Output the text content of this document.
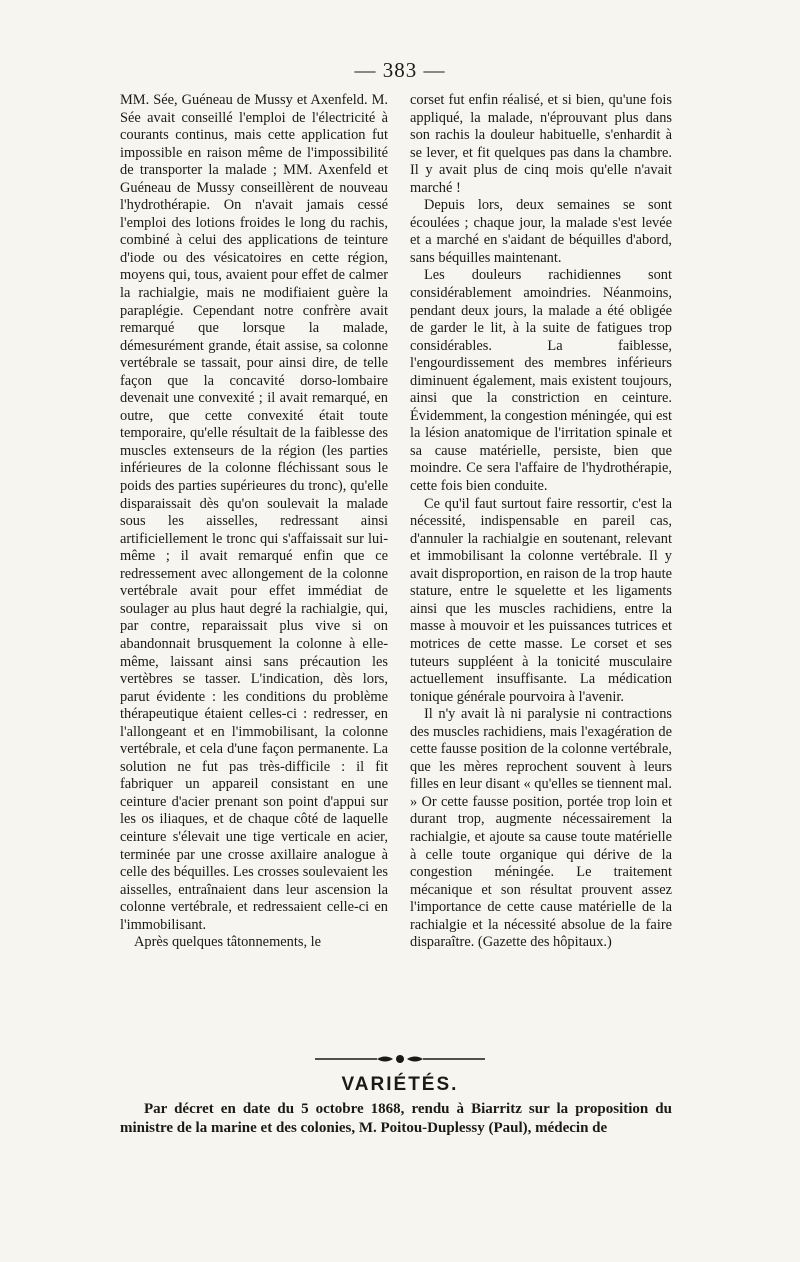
— 383 —

MM. Sée, Guéneau de Mussy et Axenfeld. M. Sée avait conseillé l'emploi de l'électricité à courants continus, mais cette application fut impossible en raison même de l'impossibilité de transporter la malade ; MM. Axenfeld et Guéneau de Mussy conseillèrent de nouveau l'hydrothérapie. On n'avait jamais cessé l'emploi des lotions froides le long du rachis, combiné à celui des applications de teinture d'iode ou des vésicatoires en cette région, moyens qui, tous, avaient pour effet de calmer la rachialgie, mais ne modifiaient guère la paraplégie. Cependant notre confrère avait remarqué que lorsque la malade, démesurément grande, était assise, sa colonne vertébrale se tassait, pour ainsi dire, de telle façon que la concavité dorso-lombaire devenait une convexité ; il avait remarqué, en outre, que cette convexité était toute temporaire, qu'elle résultait de la faiblesse des muscles extenseurs de la région (les parties inférieures de la colonne fléchissant sous le poids des parties supérieures du tronc), qu'elle disparaissait dès qu'on soulevait la malade sous les aisselles, redressant ainsi artificiellement le tronc qui s'affaissait sur lui-même ; il avait remarqué enfin que ce redressement avec allongement de la colonne vertébrale avait pour effet immédiat de soulager au plus haut degré la rachialgie, qui, par contre, reparaissait plus vive si on abandonnait brusquement la colonne à elle-même, laissant ainsi sans précaution les vertèbres se tasser. L'indication, dès lors, parut évidente : les conditions du problème thérapeutique étaient celles-ci : redresser, en l'allongeant et en l'immobilisant, la colonne vertébrale, et cela d'une façon permanente. La solution ne fut pas très-difficile : il fit fabriquer un appareil consistant en une ceinture d'acier prenant son point d'appui sur les os iliaques, et de chaque côté de laquelle ceinture s'élevait une tige verticale en acier, terminée par une crosse axillaire analogue à celle des béquilles. Les crosses soulevaient les aisselles, entraînaient dans leur ascension la colonne vertébrale, et redressaient celle-ci en l'immobilisant.

Après quelques tâtonnements, le

corset fut enfin réalisé, et si bien, qu'une fois appliqué, la malade, n'éprouvant plus dans son rachis la douleur habituelle, s'enhardit à se lever, et fit quelques pas dans la chambre. Il y avait plus de cinq mois qu'elle n'avait marché !

Depuis lors, deux semaines se sont écoulées ; chaque jour, la malade s'est levée et a marché en s'aidant de béquilles d'abord, sans béquilles maintenant.

Les douleurs rachidiennes sont considérablement amoindries. Néanmoins, pendant deux jours, la malade a été obligée de garder le lit, à la suite de fatigues trop considérables. La faiblesse, l'engourdissement des membres inférieurs diminuent également, mais existent toujours, ainsi que la constriction en ceinture. Évidemment, la congestion méningée, qui est la lésion anatomique de l'irritation spinale et sa cause matérielle, persiste, bien que moindre. Ce sera l'affaire de l'hydrothérapie, cette fois bien conduite.

Ce qu'il faut surtout faire ressortir, c'est la nécessité, indispensable en pareil cas, d'annuler la rachialgie en soutenant, relevant et immobilisant la colonne vertébrale. Il y avait disproportion, en raison de la trop haute stature, entre le squelette et les ligaments ainsi que les muscles rachidiens, entre la masse à mouvoir et les puissances tutrices et motrices de cette masse. Le corset et ses tuteurs suppléent à la tonicité musculaire actuellement insuffisante. La médication tonique générale pourvoira à l'avenir.

Il n'y avait là ni paralysie ni contractions des muscles rachidiens, mais l'exagération de cette fausse position de la colonne vertébrale, que les mères reprochent souvent à leurs filles en leur disant « qu'elles se tiennent mal. » Or cette fausse position, portée trop loin et durant trop, augmente nécessairement la rachialgie, et ajoute sa cause toute matérielle à celle toute organique qui dérive de la congestion méningée. Le traitement mécanique et son résultat prouvent assez l'importance de cette cause matérielle de la rachialgie et la nécessité absolue de la faire disparaître. (Gazette des hôpitaux.)

VARIÉTÉS.
Par décret en date du 5 octobre 1868, rendu à Biarritz sur la proposition du ministre de la marine et des colonies, M. Poitou-Duplessy (Paul), médecin de
